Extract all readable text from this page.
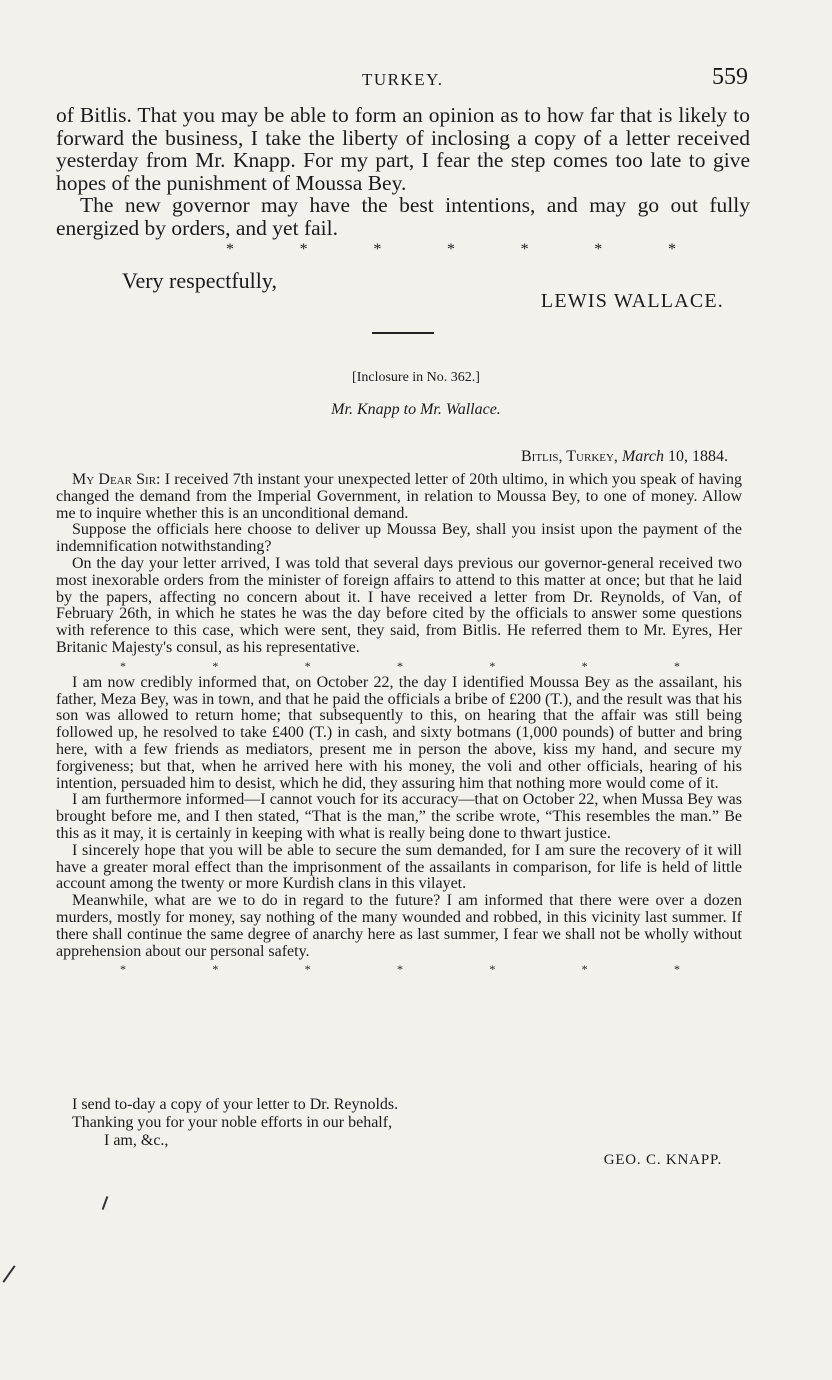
TURKEY.	559

of Bitlis. That you may be able to form an opinion as to how far that is likely to forward the business, I take the liberty of inclosing a copy of a letter received yesterday from Mr. Knapp. For my part, I fear the step comes too late to give hopes of the punishment of Moussa Bey.

The new governor may have the best intentions, and may go out fully energized by orders, and yet fail.

*	*	*	*	*	*	*
Very respectfully,
LEWIS WALLACE.
[Inclosure in No. 362.]
Mr. Knapp to Mr. Wallace.
Bitlis, Turkey, March 10, 1884.

My Dear Sir: I received 7th instant your unexpected letter of 20th ultimo, in which you speak of having changed the demand from the Imperial Government, in relation to Moussa Bey, to one of money. Allow me to inquire whether this is an unconditional demand.

Suppose the officials here choose to deliver up Moussa Bey, shall you insist upon the payment of the indemnification notwithstanding?

On the day your letter arrived, I was told that several days previous our governor-general received two most inexorable orders from the minister of foreign affairs to attend to this matter at once; but that he laid by the papers, affecting no concern about it. I have received a letter from Dr. Reynolds, of Van, of February 26th, in which he states he was the day before cited by the officials to answer some questions with reference to this case, which were sent, they said, from Bitlis. He referred them to Mr. Eyres, Her Britanic Majesty's consul, as his representative.

*	*	*	*	*	*	*

I am now credibly informed that, on October 22, the day I identified Moussa Bey as the assailant, his father, Meza Bey, was in town, and that he paid the officials a bribe of £200 (T.), and the result was that his son was allowed to return home; that subsequently to this, on hearing that the affair was still being followed up, he resolved to take £400 (T.) in cash, and sixty botmans (1,000 pounds) of butter and bring here, with a few friends as mediators, present me in person the above, kiss my hand, and secure my forgiveness; but that, when he arrived here with his money, the voli and other officials, hearing of his intention, persuaded him to desist, which he did, they assuring him that nothing more would come of it.

I am furthermore informed—I cannot vouch for its accuracy—that on October 22, when Mussa Bey was brought before me, and I then stated, “That is the man,” the scribe wrote, “This resembles the man.” Be this as it may, it is certainly in keeping with what is really being done to thwart justice.

I sincerely hope that you will be able to secure the sum demanded, for I am sure the recovery of it will have a greater moral effect than the imprisonment of the assailants in comparison, for life is held of little account among the twenty or more Kurdish clans in this vilayet.

Meanwhile, what are we to do in regard to the future? I am informed that there were over a dozen murders, mostly for money, say nothing of the many wounded and robbed, in this vicinity last summer. If there shall continue the same degree of anarchy here as last summer, I fear we shall not be wholly without apprehension about our personal safety.

*	*	*	*	*	*	*
I send to-day a copy of your letter to Dr. Reynolds.
Thanking you for your noble efforts in our behalf,
I am, &c.,
GEO. C. KNAPP.
